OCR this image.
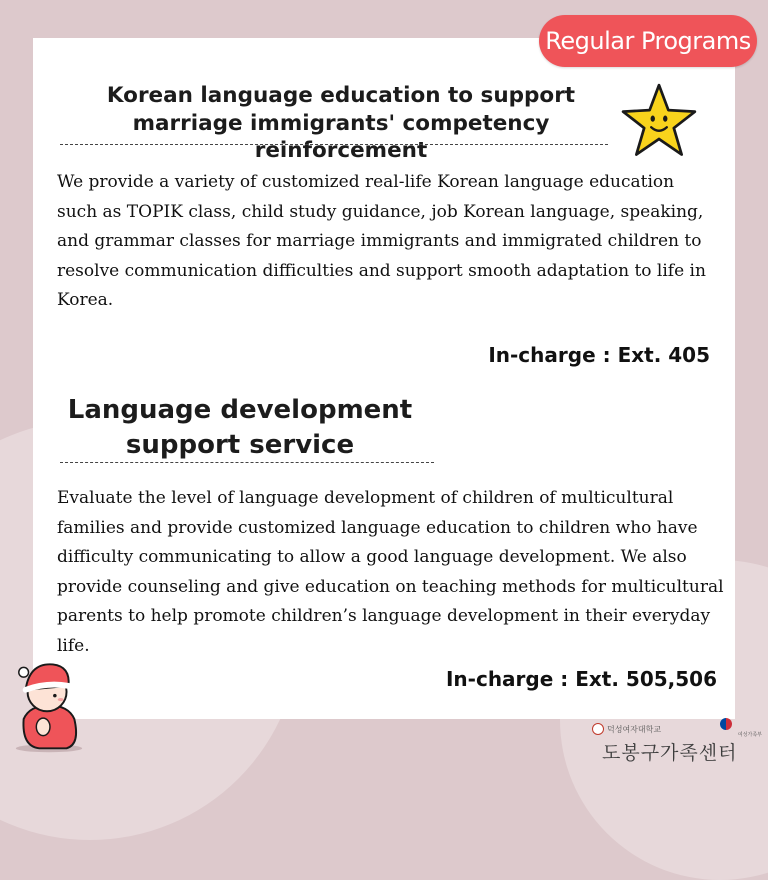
Regular Programs
Korean language education to support marriage immigrants' competency reinforcement
We provide a variety of customized real-life Korean language education such as TOPIK class, child study guidance, job Korean language, speaking, and grammar classes for marriage immigrants and immigrated children to resolve communication difficulties and support smooth adaptation to life in Korea.
In-charge : Ext. 405
Language development support service
Evaluate the level of language development of children of multicultural families and provide customized language education to children who have difficulty communicating to allow a good language development. We also provide counseling and give education on teaching methods for multicultural parents to help promote children’s language development in their everyday life.
In-charge : Ext. 505,506
덕성여자대학교
여성가족부
도봉구가족센터
